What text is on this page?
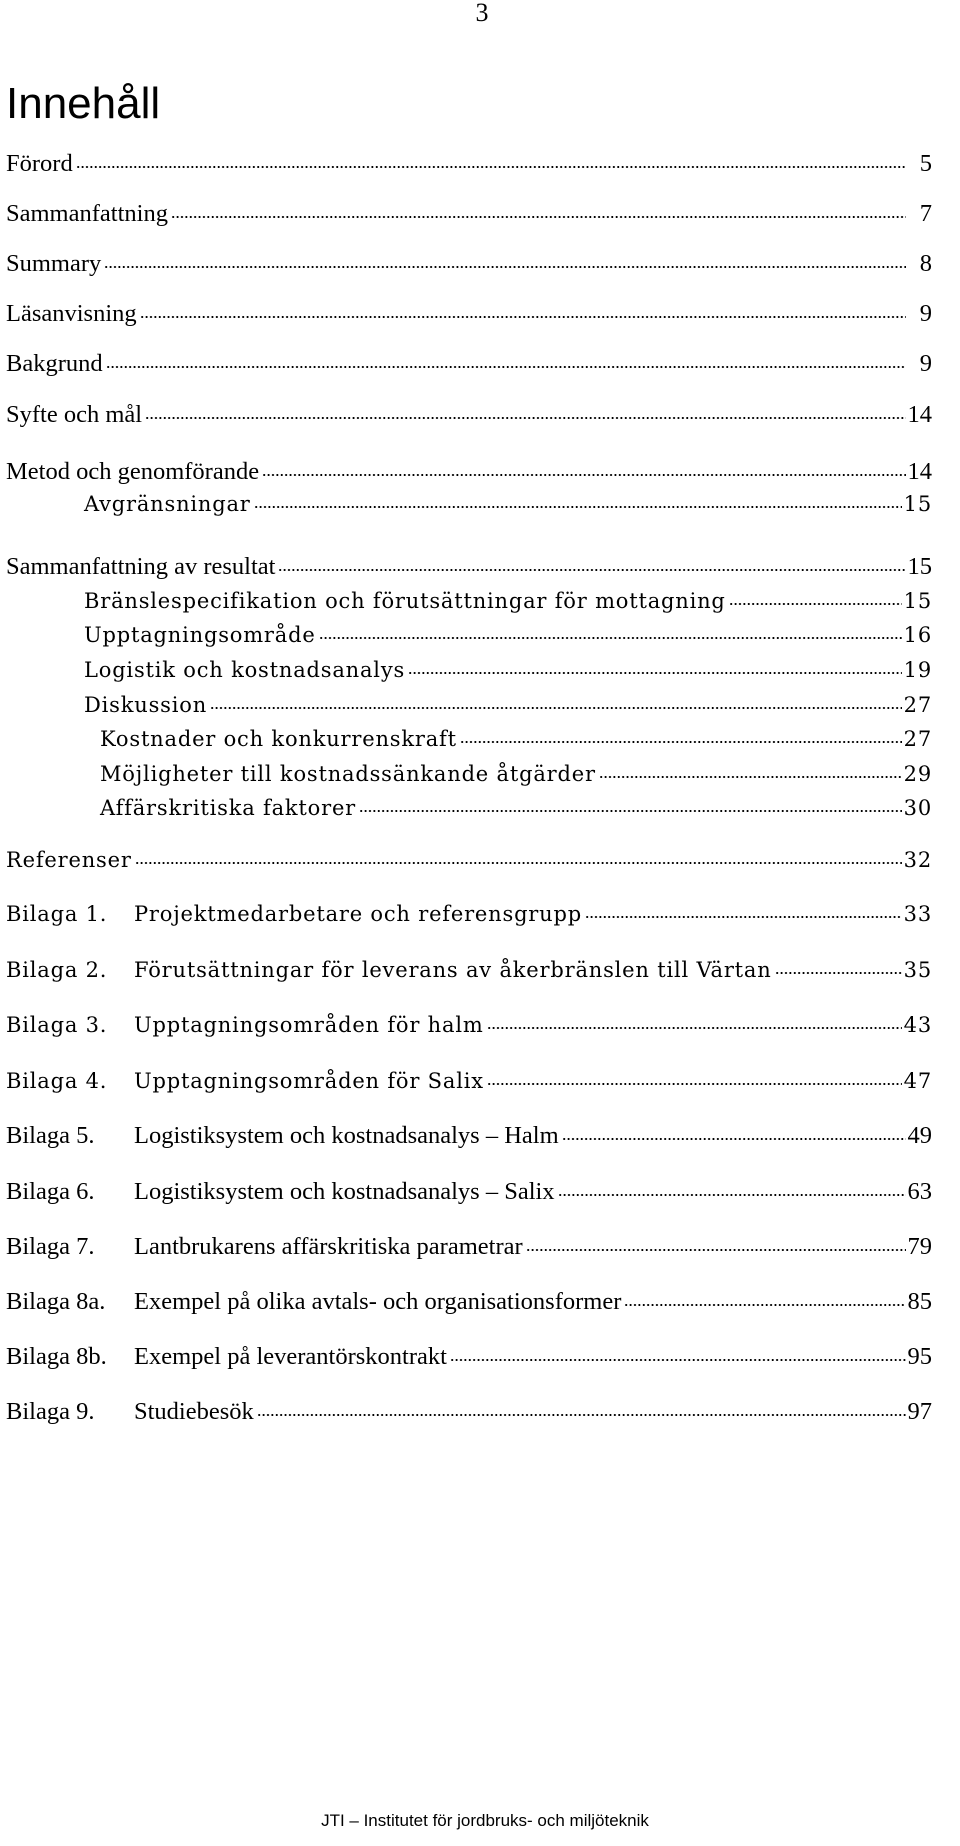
3
Innehåll
Förord	5
Sammanfattning	7
Summary	8
Läsanvisning	9
Bakgrund	9
Syfte och mål	14
Metod och genomförande	14
Avgränsningar	15
Sammanfattning av resultat	15
Bränslespecifikation och förutsättningar för mottagning	15
Upptagningsområde	16
Logistik och kostnadsanalys	19
Diskussion	27
Kostnader och konkurrenskraft	27
Möjligheter till kostnadssänkande åtgärder	29
Affärskritiska faktorer	30
Referenser	32
Bilaga 1.	Projektmedarbetare och referensgrupp	33
Bilaga 2.	Förutsättningar för leverans av åkerbränslen till Värtan	35
Bilaga 3.	Upptagningsområden för halm	43
Bilaga 4.	Upptagningsområden för Salix	47
Bilaga 5.	Logistiksystem och kostnadsanalys – Halm	49
Bilaga 6.	Logistiksystem och kostnadsanalys – Salix	63
Bilaga 7.	Lantbrukarens affärskritiska parametrar	79
Bilaga 8a.	Exempel på olika avtals- och organisationsformer	85
Bilaga 8b.	Exempel på leverantörskontrakt	95
Bilaga 9.	Studiebesök	97
JTI – Institutet för jordbruks- och miljöteknik
